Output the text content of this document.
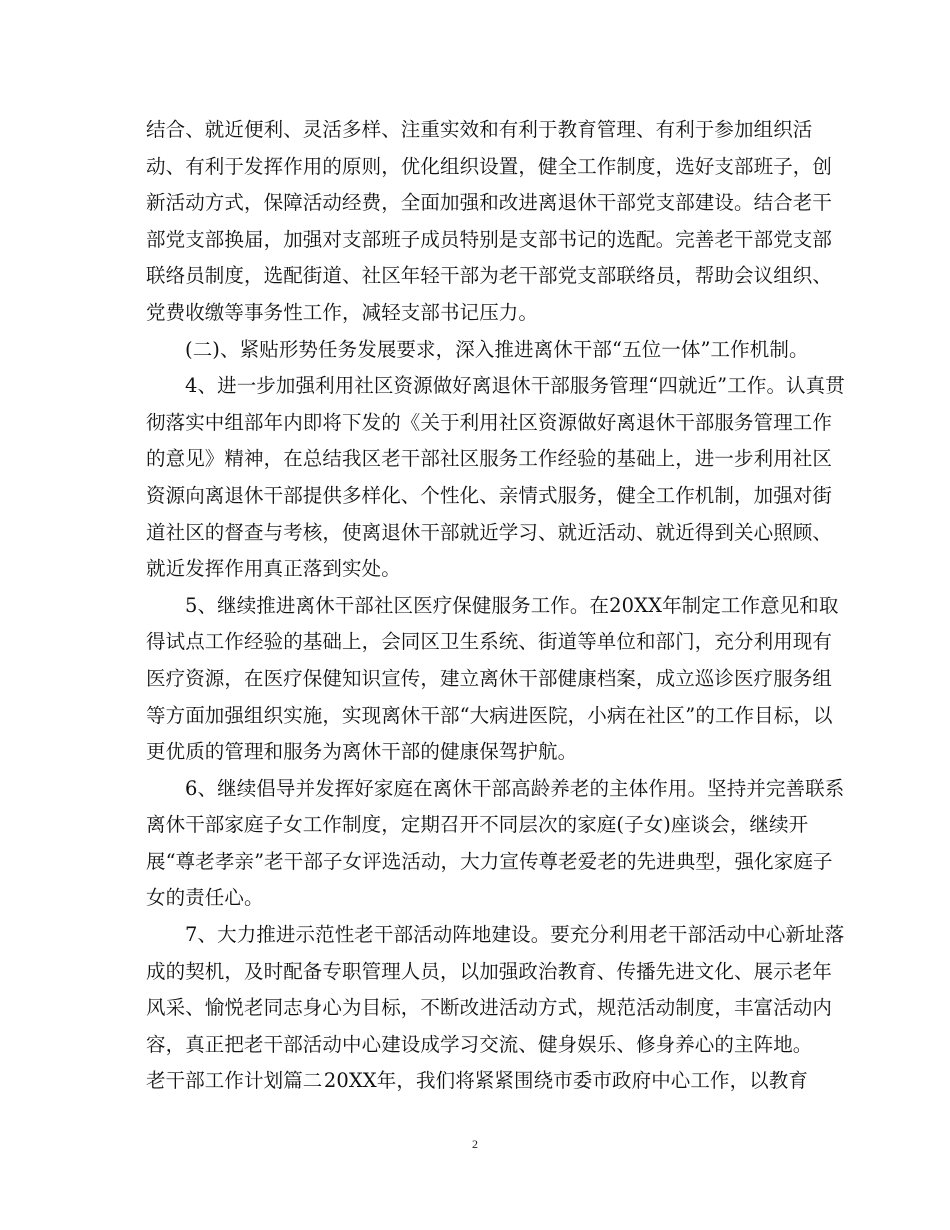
结合、就近便利、灵活多样、注重实效和有利于教育管理、有利于参加组织活
动、有利于发挥作用的原则，优化组织设置，健全工作制度，选好支部班子，创
新活动方式，保障活动经费，全面加强和改进离退休干部党支部建设。结合老干
部党支部换届，加强对支部班子成员特别是支部书记的选配。完善老干部党支部
联络员制度，选配街道、社区年轻干部为老干部党支部联络员，帮助会议组织、
党费收缴等事务性工作，减轻支部书记压力。
(二)、紧贴形势任务发展要求，深入推进离休干部“五位一体”工作机制。
4、进一步加强利用社区资源做好离退休干部服务管理“四就近”工作。认真贯
彻落实中组部年内即将下发的《关于利用社区资源做好离退休干部服务管理工作
的意见》精神，在总结我区老干部社区服务工作经验的基础上，进一步利用社区
资源向离退休干部提供多样化、个性化、亲情式服务，健全工作机制，加强对街
道社区的督查与考核，使离退休干部就近学习、就近活动、就近得到关心照顾、
就近发挥作用真正落到实处。
5、继续推进离休干部社区医疗保健服务工作。在20XX年制定工作意见和取
得试点工作经验的基础上，会同区卫生系统、街道等单位和部门，充分利用现有
医疗资源，在医疗保健知识宣传，建立离休干部健康档案，成立巡诊医疗服务组
等方面加强组织实施，实现离休干部“大病进医院，小病在社区”的工作目标，以
更优质的管理和服务为离休干部的健康保驾护航。
6、继续倡导并发挥好家庭在离休干部高龄养老的主体作用。坚持并完善联系
离休干部家庭子女工作制度，定期召开不同层次的家庭(子女)座谈会，继续开
展“尊老孝亲”老干部子女评选活动，大力宣传尊老爱老的先进典型，强化家庭子
女的责任心。
7、大力推进示范性老干部活动阵地建设。要充分利用老干部活动中心新址落
成的契机，及时配备专职管理人员，以加强政治教育、传播先进文化、展示老年
风采、愉悦老同志身心为目标，不断改进活动方式，规范活动制度，丰富活动内
容，真正把老干部活动中心建设成学习交流、健身娱乐、修身养心的主阵地。
老干部工作计划篇二 20XX年，我们将紧紧围绕市委市政府中心工作，以教育
2
